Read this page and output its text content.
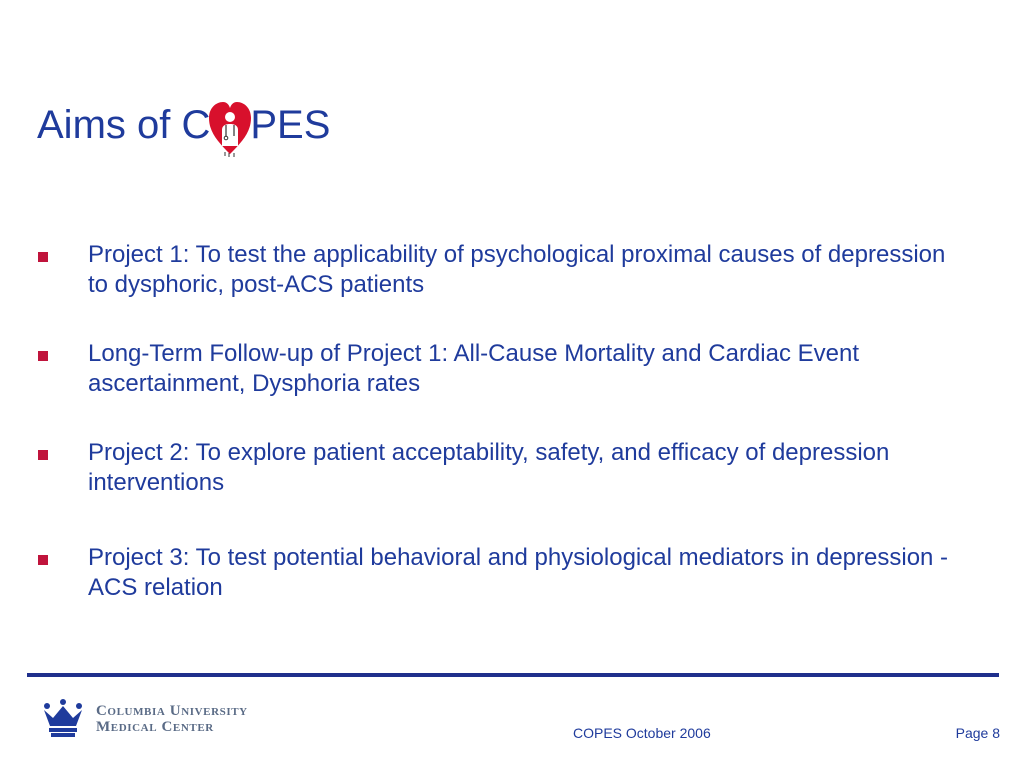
Aims of C PES
Project 1: To test the applicability of psychological proximal causes of depression to dysphoric, post-ACS patients
Long-Term Follow-up of Project 1: All-Cause Mortality and Cardiac Event ascertainment, Dysphoria rates
Project 2: To explore patient acceptability, safety, and efficacy of depression interventions
Project 3: To test potential behavioral and physiological mediators in depression - ACS relation
Columbia University
Medical Center	COPES October 2006	Page 8
